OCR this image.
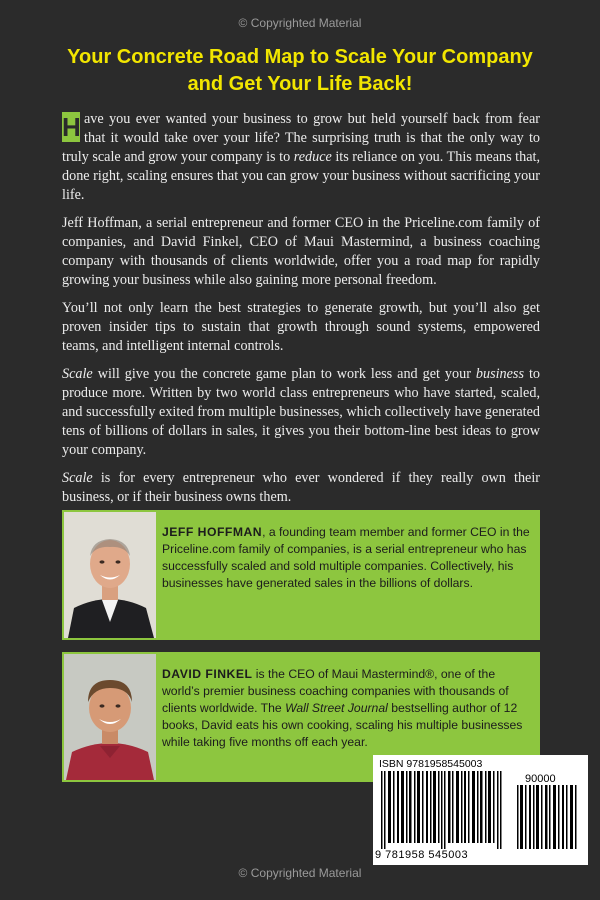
© Copyrighted Material
Your Concrete Road Map to Scale Your Company
and Get Your Life Back!

H ave you ever wanted your business to grow but held yourself back from fear that it would take over your life? The surprising truth is that the only way to truly scale and grow your company is to reduce its reliance on you. This means that, done right, scaling ensures that you can grow your business without sacrificing your life.

Jeff Hoffman, a serial entrepreneur and former CEO in the Priceline.com family of companies, and David Finkel, CEO of Maui Mastermind, a business coaching company with thousands of clients worldwide, offer you a road map for rapidly growing your business while also gaining more personal freedom.

You’ll not only learn the best strategies to generate growth, but you’ll also get proven insider tips to sustain that growth through sound systems, empowered teams, and intelligent internal controls.

Scale will give you the concrete game plan to work less and get your business to produce more. Written by two world class entrepreneurs who have started, scaled, and successfully exited from multiple businesses, which collectively have generated tens of billions of dollars in sales, it gives you their bottom-line best ideas to grow your company.

Scale is for every entrepreneur who ever wondered if they really own their business, or if their business owns them.

JEFF HOFFMAN, a founding team member and former CEO in the Priceline.com family of companies, is a serial entrepreneur who has successfully scaled and sold multiple companies. Collectively, his businesses have generated sales in the billions of dollars.
DAVID FINKEL is the CEO of Maui Mastermind®, one of the world’s premier business coaching companies with thousands of clients worldwide. The Wall Street Journal bestselling author of 12 books, David eats his own cooking, scaling his multiple businesses while taking five months off each year.
ISBN 9781958545003
90000
9 781958 545003
© Copyrighted Material
